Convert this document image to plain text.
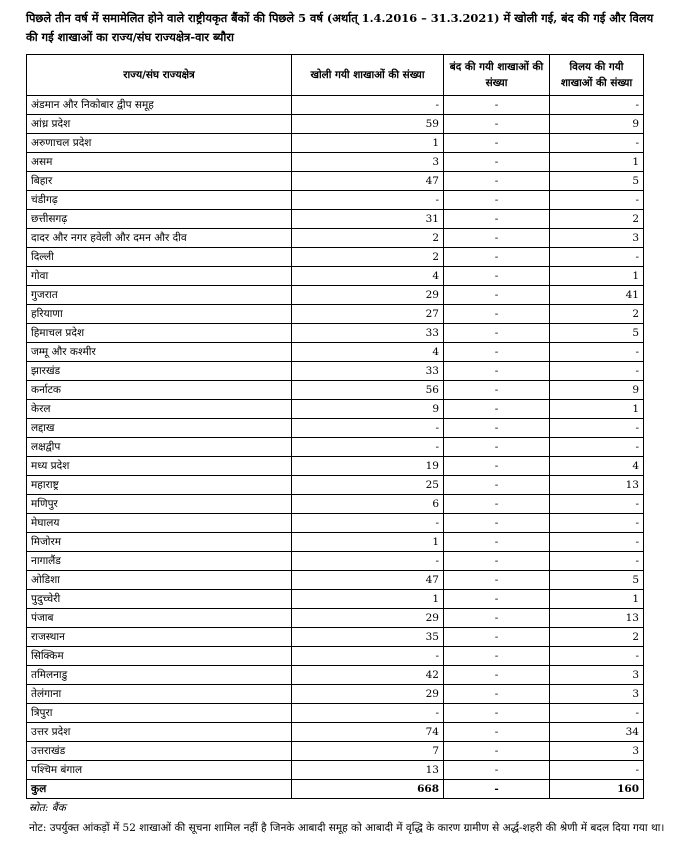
पिछले तीन वर्ष में समामेलित होने वाले राष्ट्रीयकृत बैंकों की पिछले 5 वर्ष (अर्थात् 1.4.2016 – 31.3.2021) में खोली गई, बंद की गई और विलय की गई शाखाओं का राज्य/संघ राज्यक्षेत्र-वार ब्यौरा
राज्य/संघ राज्यक्षेत्र	खोली गयी शाखाओं की संख्या	बंद की गयी शाखाओं की संख्या	विलय की गयी शाखाओं की संख्या
अंडमान और निकोबार द्वीप समूह	-	-	-
आंध्र प्रदेश	59	-	9
अरुणाचल प्रदेश	1	-	-
असम	3	-	1
बिहार	47	-	5
चंडीगढ़	-	-	-
छत्तीसगढ़	31	-	2
दादर और नगर हवेली और दमन और दीव	2	-	3
दिल्ली	2	-	-
गोवा	4	-	1
गुजरात	29	-	41
हरियाणा	27	-	2
हिमाचल प्रदेश	33	-	5
जम्मू और कश्मीर	4	-	-
झारखंड	33	-	-
कर्नाटक	56	-	9
केरल	9	-	1
लद्दाख	-	-	-
लक्षद्वीप	-	-	-
मध्य प्रदेश	19	-	4
महाराष्ट्र	25	-	13
मणिपुर	6	-	-
मेघालय	-	-	-
मिजोरम	1	-	-
नागालैंड	-	-	-
ओडिशा	47	-	5
पुदुच्चेरी	1	-	1
पंजाब	29	-	13
राजस्थान	35	-	2
सिक्किम	-	-	-
तमिलनाडु	42	-	3
तेलंगाना	29	-	3
त्रिपुरा	-	-	-
उत्तर प्रदेश	74	-	34
उत्तराखंड	7	-	3
पश्चिम बंगाल	13	-	-
कुल	668	-	160
स्रोत: बैंक
नोट: उपर्युक्त आंकड़ों में 52 शाखाओं की सूचना शामिल नहीं है जिनके आबादी समूह को आबादी में वृद्धि के कारण ग्रामीण से अर्द्ध-शहरी की श्रेणी में बदल दिया गया था।
